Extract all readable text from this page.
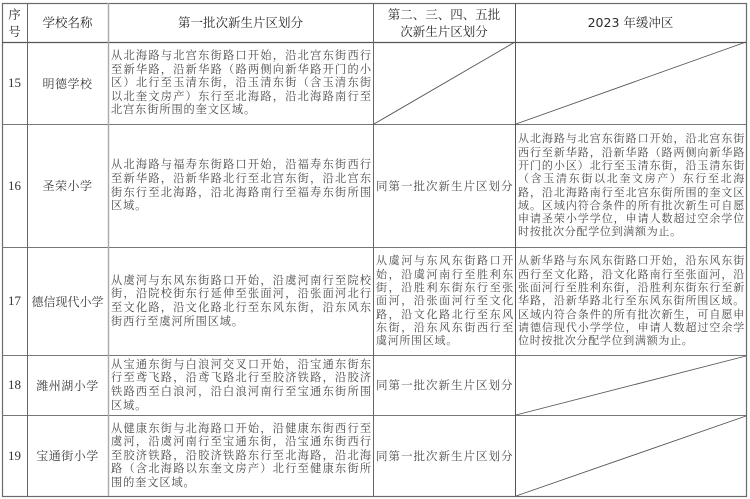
序号
学校名称	第一批次新生片区划分
第二、三、四、五批次新生片区划分
2023 年缓冲区
15 明德学校
从北海路与北宫东街路口开始，沿北宫东街西行至新华路，沿新华路（路两侧向新华路开门的小区）北行至玉清东街，沿玉清东街（含玉清东街以北奎文房产）东行至北海路，沿北海路南行至北宫东街所围的奎文区域。
16 圣荣小学
从北海路与福寿东街路口开始，沿福寿东街西行至新华路，沿新华路北行至北宫东街，沿北宫东街东行至北海路，沿北海路南行至福寿东街所围区域。
同第一批次新生片区划分
从北海路与北宫东街路口开始，沿北宫东街西行至新华路，沿新华路（路两侧向新华路开门的小区）北行至玉清东街，沿玉清东街（含玉清东街以北奎文房产）东行至北海路，沿北海路南行至北宫东街所围的奎文区域。区域内符合条件的所有批次新生可自愿申请圣荣小学学位，申请人数超过空余学位时按批次分配学位到满额为止。
17 德信现代小学
从虞河与东风东街路口开始，沿虞河南行至院校街，沿院校街东行延伸至张面河，沿张面河北行至文化路，沿文化路北行至东风东街，沿东风东街西行至虞河所围区域。
从虞河与东风东街路口开始，沿虞河南行至胜利东街，沿胜利东街东行至张面河，沿张面河行至文化路，沿文化路北行至东风东街，沿东风东街西行至虞河所围区域。
从新华路与东风东街路口开始，沿东风东街西行至文化路，沿文化路南行至张面河，沿张面河行至胜利东街，沿胜利东街东行至新华路，沿新华路北行至东风东街所围区域。区域内符合条件的所有批次新生，可自愿申请德信现代小学学位，申请人数超过空余学位时按批次分配学位到满额为止。
18 潍州湖小学
从宝通东街与白浪河交叉口开始，沿宝通东街东行至鸢飞路，沿鸢飞路北行至胶济铁路，沿胶济铁路西至白浪河，沿白浪河南行至宝通东街所围区域。
同第一批次新生片区划分
19 宝通街小学
从健康东街与北海路口开始，沿健康东街西行至虞河，沿虞河南行至宝通东街，沿宝通东街西行至胶济铁路，沿胶济铁路东行至北海路，沿北海路（含北海路以东奎文房产）北行至健康东街所围的奎文区域。
同第一批次新生片区划分
